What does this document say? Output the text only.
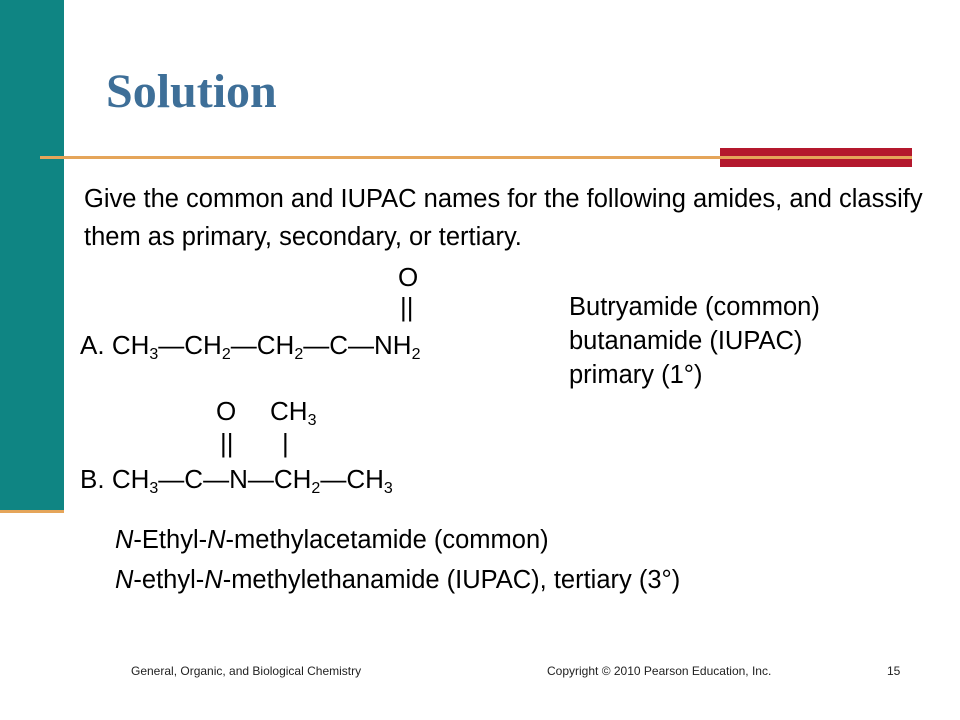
Solution
Give the common and IUPAC names for the following amides, and classify them as primary, secondary, or tertiary.
O
||
A. $CH_3—CH_2—CH_2—C—NH_2$
Butryamide (common)
butanamide (IUPAC)
primary (1°)
O $CH_3$
|| |
B. $CH_3—C—N—CH_2—CH_3$
N-Ethyl-N-methylacetamide (common)
N-ethyl-N-methylethanamide (IUPAC), tertiary (3°)
General, Organic, and Biological Chemistry	Copyright © 2010 Pearson Education, Inc.	15
